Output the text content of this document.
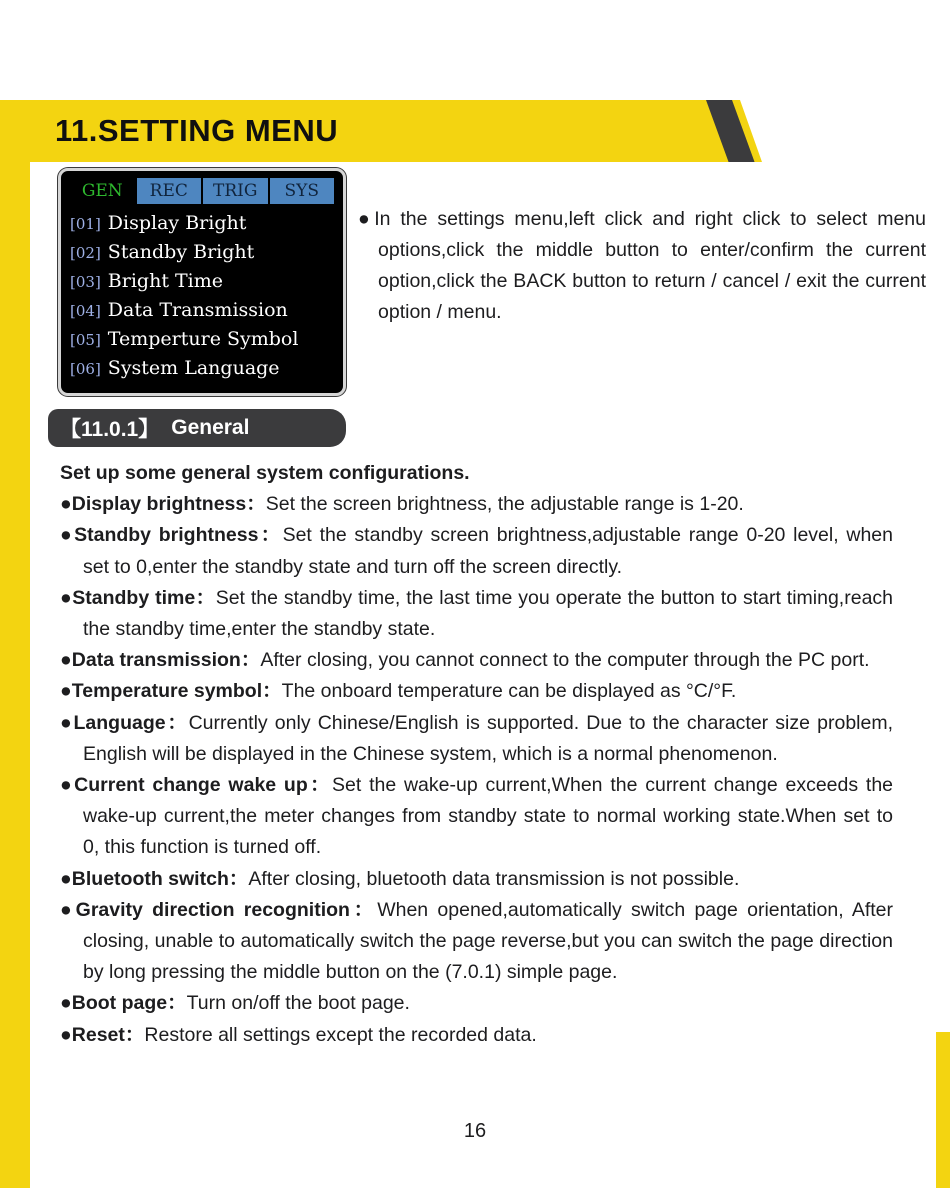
11.SETTING MENU
GEN	REC	TRIG	SYS
[01] Display Bright
[02] Standby Bright
[03] Bright Time
[04] Data Transmission
[05] Temperture Symbol
[06] System Language

●In the settings menu,left click and right click to select menu options,click the middle button to enter/confirm the current option,click the BACK button to return / cancel / exit the current option / menu.

【11.0.1】 General

Set up some general system configurations.

●Display brightness：Set the screen brightness, the adjustable range is 1-20.

●Standby brightness：Set the standby screen brightness,adjustable range 0-20 level, when set to 0,enter the standby state and turn off the screen directly.

●Standby time：Set the standby time, the last time you operate the button to start timing,reach the standby time,enter the standby state.

●Data transmission：After closing, you cannot connect to the computer through the PC port.

●Temperature symbol：The onboard temperature can be displayed as °C/°F.

●Language：Currently only Chinese/English is supported. Due to the character size problem, English will be displayed in the Chinese system, which is a normal phenomenon.

●Current change wake up：Set the wake-up current,When the current change exceeds the wake-up current,the meter changes from standby state to normal working state.When set to 0, this function is turned off.

●Bluetooth switch：After closing, bluetooth data transmission is not possible.

●Gravity direction recognition：When opened,automatically switch page orientation, After closing, unable to automatically switch the page reverse,but you can switch the page direction by long pressing the middle button on the (7.0.1) simple page.

●Boot page：Turn on/off the boot page.

●Reset：Restore all settings except the recorded data.

16
